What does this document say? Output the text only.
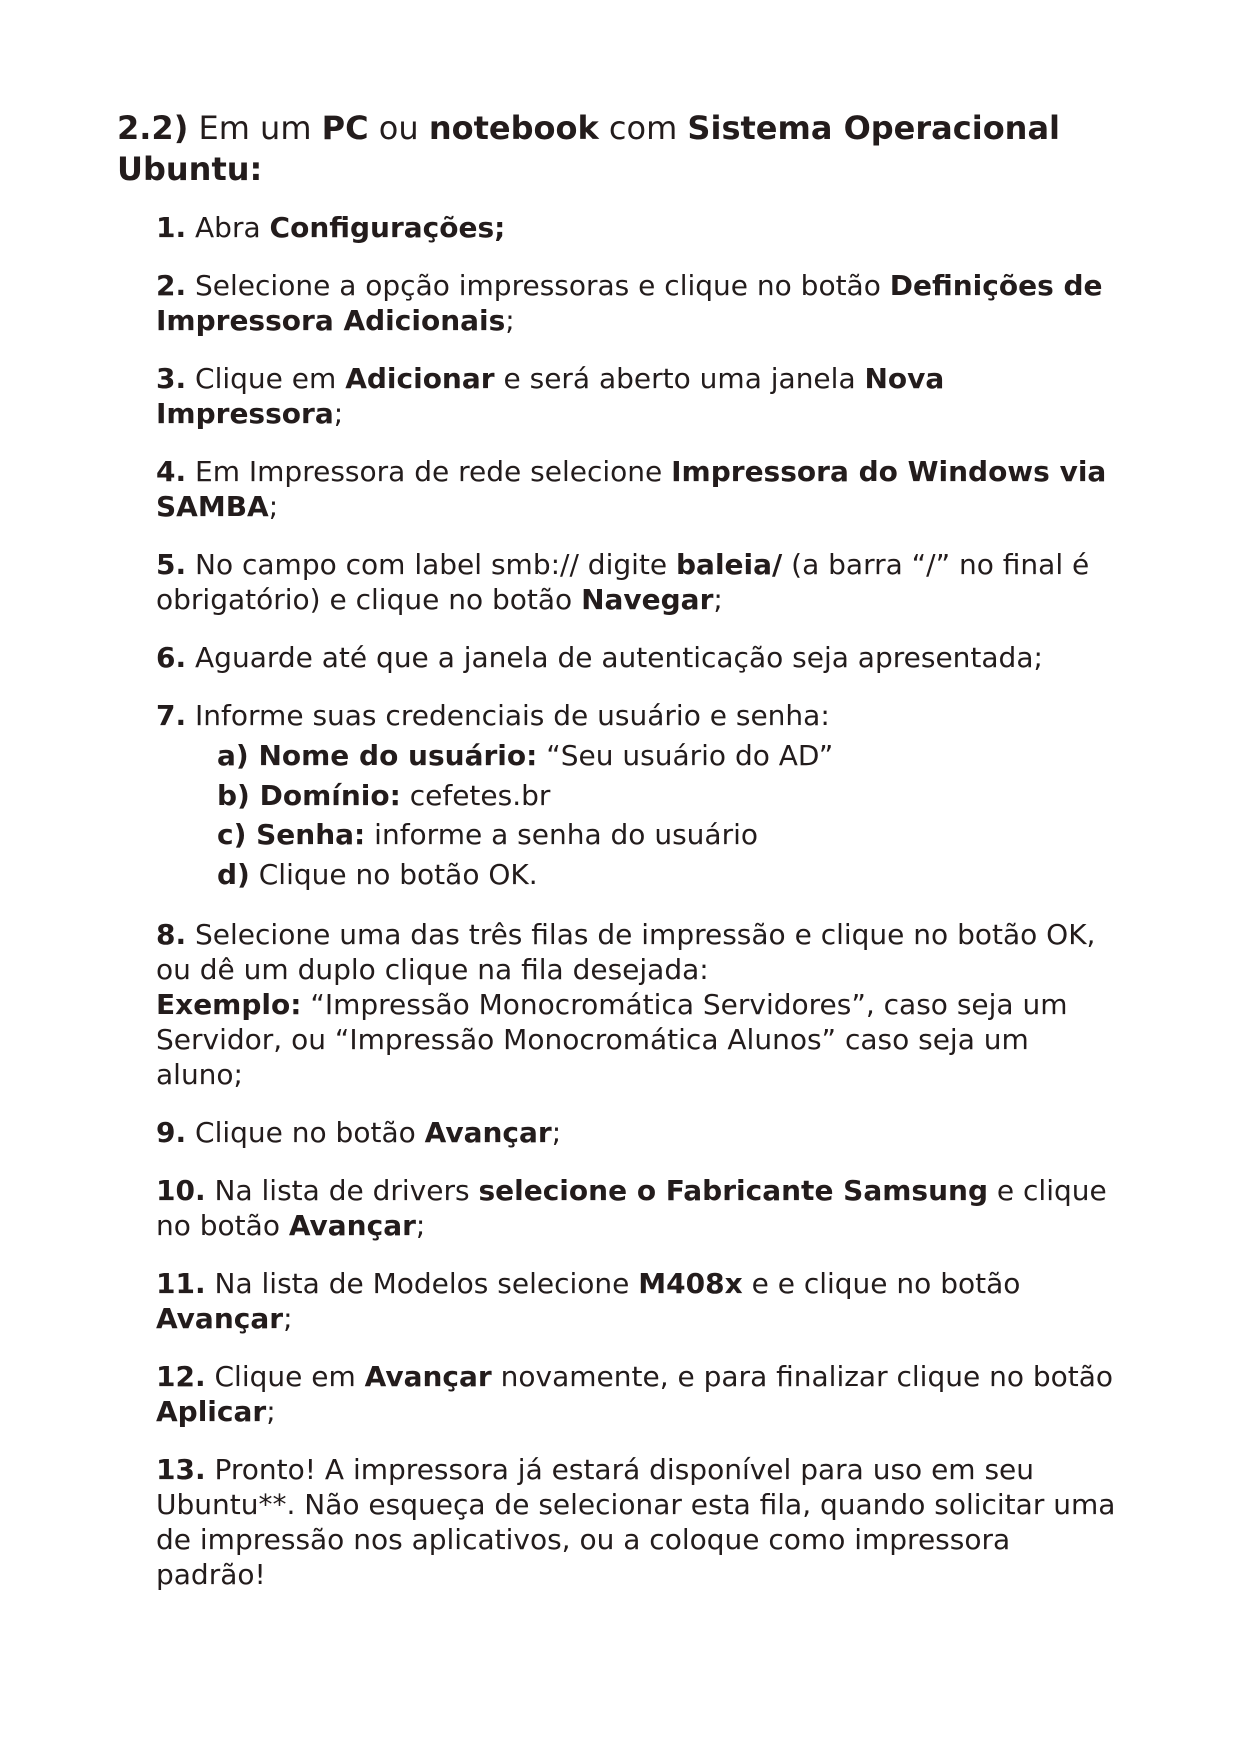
2.2) Em um PC ou notebook com Sistema Operacional Ubuntu:
1. Abra Configurações;
2. Selecione a opção impressoras e clique no botão Definições de Impressora Adicionais;
3. Clique em Adicionar e será aberto uma janela Nova Impressora;
4. Em Impressora de rede selecione Impressora do Windows via SAMBA;
5. No campo com label smb:// digite baleia/ (a barra “/” no final é obrigatório) e clique no botão Navegar;
6. Aguarde até que a janela de autenticação seja apresentada;
7. Informe suas credenciais de usuário e senha:
a) Nome do usuário: “Seu usuário do AD”
b) Domínio: cefetes.br
c) Senha: informe a senha do usuário
d) Clique no botão OK.
8. Selecione uma das três filas de impressão e clique no botão OK, ou dê um duplo clique na fila desejada:
Exemplo: “Impressão Monocromática Servidores”, caso seja um Servidor, ou “Impressão Monocromática Alunos” caso seja um aluno;
9. Clique no botão Avançar;
10. Na lista de drivers selecione o Fabricante Samsung e clique no botão Avançar;
11. Na lista de Modelos selecione M408x e e clique no botão Avançar;
12. Clique em Avançar novamente, e para finalizar clique no botão Aplicar;
13. Pronto! A impressora já estará disponível para uso em seu Ubuntu**. Não esqueça de selecionar esta fila, quando solicitar uma de impressão nos aplicativos, ou a coloque como impressora padrão!
